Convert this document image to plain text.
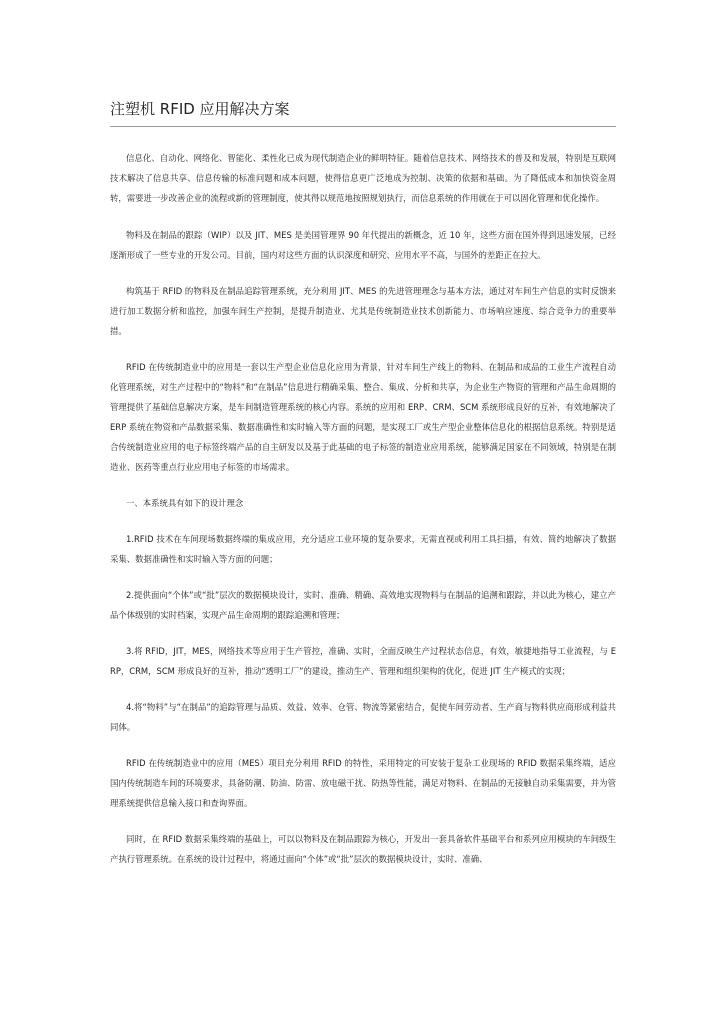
注塑机 RFID 应用解决方案

信息化、自动化、网络化、智能化、柔性化已成为现代制造企业的鲜明特征。随着信息技术、网络技术的普及和发展，特别是互联网技术解决了信息共享、信息传输的标准问题和成本问题，使得信息更广泛地成为控制、决策的依据和基础。为了降低成本和加快资金周转，需要进一步改善企业的流程或新的管理制度，使其得以规范地按照规划执行，而信息系统的作用就在于可以固化管理和优化操作。

物料及在制品的跟踪（WIP）以及 JIT、MES 是美国管理界 90 年代提出的新概念，近 10 年，这些方面在国外得到迅速发展，已经逐渐形成了一些专业的开发公司。目前，国内对这些方面的认识深度和研究、应用水平不高，与国外的差距正在拉大。

构筑基于 RFID 的物料及在制品追踪管理系统，充分利用 JIT、MES 的先进管理理念与基本方法，通过对车间生产信息的实时反馈来进行加工数据分析和监控，加强车间生产控制，是提升制造业、尤其是传统制造业技术创新能力、市场响应速度、综合竞争力的重要举措。

RFID 在传统制造业中的应用是一套以生产型企业信息化应用为背景，针对车间生产线上的物料、在制品和成品的工业生产流程自动化管理系统，对生产过程中的“物料”和“在制品”信息进行精确采集、整合、集成、分析和共享，为企业生产物资的管理和产品生命周期的管理提供了基础信息解决方案，是车间制造管理系统的核心内容。系统的应用和 ERP、CRM、SCM 系统形成良好的互补，有效地解决了 ERP 系统在物资和产品数据采集、数据准确性和实时输入等方面的问题，是实现工厂或生产型企业整体信息化的根据信息系统。特别是适合传统制造业应用的电子标签终端产品的自主研发以及基于此基础的电子标签的制造业应用系统，能够满足国家在不同领域，特别是在制造业、医药等重点行业应用电子标签的市场需求。

一、本系统具有如下的设计理念

1.RFID 技术在车间现场数据终端的集成应用，充分适应工业环境的复杂要求，无需直视或利用工具扫描，有效、简约地解决了数据采集、数据准确性和实时输入等方面的问题；

2.提供面向“个体”或“批”层次的数据模块设计，实时、准确、精确、高效地实现物料与在制品的追溯和跟踪，并以此为核心，建立产品个体级别的实时档案，实现产品生命周期的跟踪追溯和管理；

3.将 RFID，JIT，MES，网络技术等应用于生产管控，准确、实时，全面反映生产过程状态信息，有效，敏捷地指导工业流程，与 ERP，CRM，SCM 形成良好的互补，推动“透明工厂”的建设，推动生产、管理和组织架构的优化，促进 JIT 生产模式的实现；

4.将“物料”与“在制品”的追踪管理与品质、效益、效率、仓管、物流等紧密结合，促使车间劳动者、生产商与物料供应商形成利益共同体。

RFID 在传统制造业中的应用（MES）项目充分利用 RFID 的特性，采用特定的可安装于复杂工业现场的 RFID 数据采集终端，适应国内传统制造车间的环境要求，具备防潮、防油、防雷、放电磁干扰、防热等性能，满足对物料、在制品的无接触自动采集需要，并为管理系统提供信息输入接口和查询界面。

同时，在 RFID 数据采集终端的基础上，可以以物料及在制品跟踪为核心，开发出一套具备软件基础平台和系列应用模块的车间级生产执行管理系统。在系统的设计过程中，将通过面向“个体”或“批”层次的数据模块设计，实时、准确、
